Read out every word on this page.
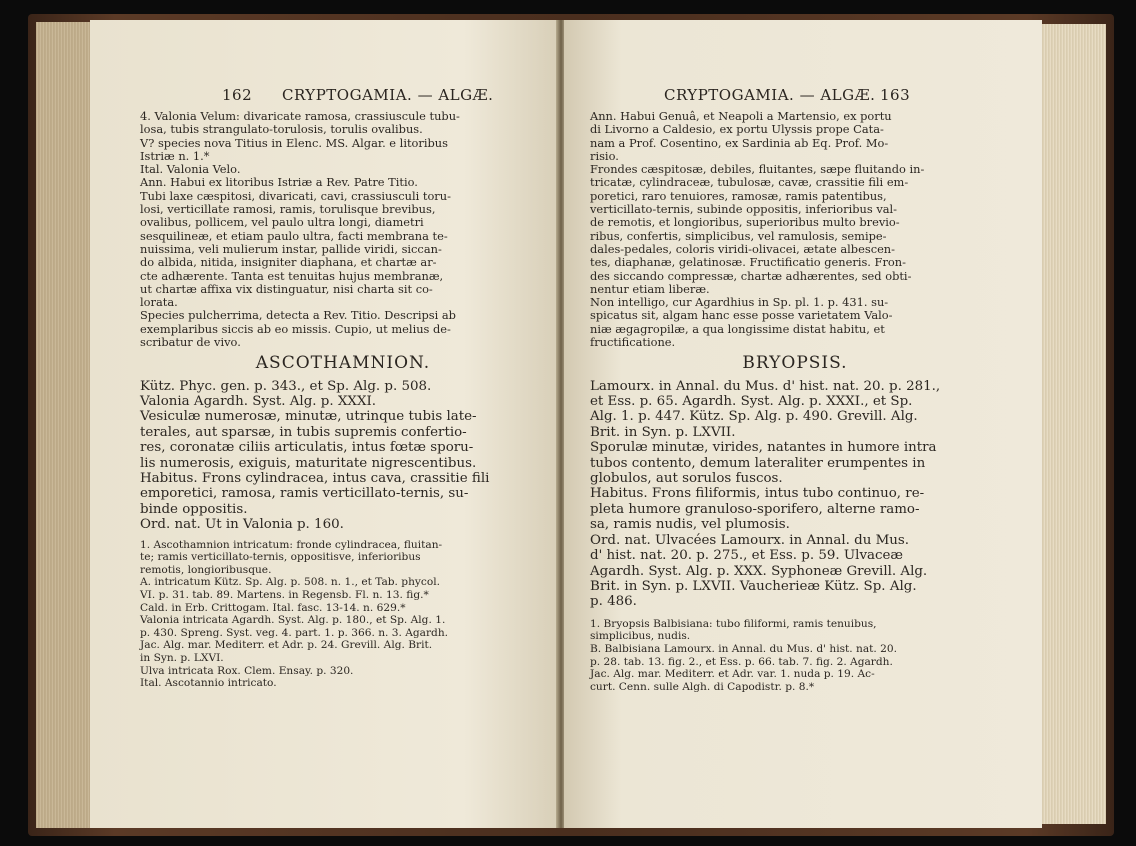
162 CRYPTOGAMIA. — ALGÆ.

4. Valonia Velum: divaricate ramosa, crassiuscule tubu-

losa, tubis strangulato-torulosis, torulis ovalibus.

V? species nova Titius in Elenc. MS. Algar. e litoribus

Istriæ n. 1.*

Ital. Valonia Velo.

Ann. Habui ex litoribus Istriæ a Rev. Patre Titio.

Tubi laxe cæspitosi, divaricati, cavi, crassiusculi toru-

losi, verticillate ramosi, ramis, torulisque brevibus,

ovalibus, pollicem, vel paulo ultra longi, diametri

sesquilineæ, et etiam paulo ultra, facti membrana te-

nuissima, veli mulierum instar, pallide viridi, siccan-

do albida, nitida, insigniter diaphana, et chartæ ar-

cte adhærente. Tanta est tenuitas hujus membranæ,

ut chartæ affixa vix distinguatur, nisi charta sit co-

lorata.

Species pulcherrima, detecta a Rev. Titio. Descripsi ab

exemplaribus siccis ab eo missis. Cupio, ut melius de-

scribatur de vivo.

ASCOTHAMNION.

Kütz. Phyc. gen. p. 343., et Sp. Alg. p. 508.

Valonia Agardh. Syst. Alg. p. XXXI.

Vesiculæ numerosæ, minutæ, utrinque tubis late-

terales, aut sparsæ, in tubis supremis confertio-

res, coronatæ ciliis articulatis, intus fœtæ sporu-

lis numerosis, exiguis, maturitate nigrescentibus.

Habitus. Frons cylindracea, intus cava, crassitie fili

emporetici, ramosa, ramis verticillato-ternis, su-

binde oppositis.

Ord. nat. Ut in Valonia p. 160.

1. Ascothamnion intricatum: fronde cylindracea, fluitan-

te; ramis verticillato-ternis, oppositisve, inferioribus

remotis, longioribusque.

A. intricatum Kütz. Sp. Alg. p. 508. n. 1., et Tab. phycol.

VI. p. 31. tab. 89. Martens. in Regensb. Fl. n. 13. fig.*

Cald. in Erb. Crittogam. Ital. fasc. 13-14. n. 629.*

Valonia intricata Agardh. Syst. Alg. p. 180., et Sp. Alg. 1.

p. 430. Spreng. Syst. veg. 4. part. 1. p. 366. n. 3. Agardh.

Jac. Alg. mar. Mediterr. et Adr. p. 24. Grevill. Alg. Brit.

in Syn. p. LXVI.

Ulva intricata Rox. Clem. Ensay. p. 320.

Ital. Ascotannio intricato.

CRYPTOGAMIA. — ALGÆ. 163

Ann. Habui Genuâ, et Neapoli a Martensio, ex portu

di Livorno a Caldesio, ex portu Ulyssis prope Cata-

nam a Prof. Cosentino, ex Sardinia ab Eq. Prof. Mo-

risio.

Frondes cæspitosæ, debiles, fluitantes, sæpe fluitando in-

tricatæ, cylindraceæ, tubulosæ, cavæ, crassitie fili em-

poretici, raro tenuiores, ramosæ, ramis patentibus,

verticillato-ternis, subinde oppositis, inferioribus val-

de remotis, et longioribus, superioribus multo brevio-

ribus, confertis, simplicibus, vel ramulosis, semipe-

dales-pedales, coloris viridi-olivacei, ætate albescen-

tes, diaphanæ, gelatinosæ. Fructificatio generis. Fron-

des siccando compressæ, chartæ adhærentes, sed obti-

nentur etiam liberæ.

Non intelligo, cur Agardhius in Sp. pl. 1. p. 431. su-

spicatus sit, algam hanc esse posse varietatem Valo-

niæ ægagropilæ, a qua longissime distat habitu, et

fructificatione.

BRYOPSIS.

Lamourx. in Annal. du Mus. d' hist. nat. 20. p. 281.,

et Ess. p. 65. Agardh. Syst. Alg. p. XXXI., et Sp.

Alg. 1. p. 447. Kütz. Sp. Alg. p. 490. Grevill. Alg.

Brit. in Syn. p. LXVII.

Sporulæ minutæ, virides, natantes in humore intra

tubos contento, demum lateraliter erumpentes in

globulos, aut sorulos fuscos.

Habitus. Frons filiformis, intus tubo continuo, re-

pleta humore granuloso-sporifero, alterne ramo-

sa, ramis nudis, vel plumosis.

Ord. nat. Ulvacées Lamourx. in Annal. du Mus.

d' hist. nat. 20. p. 275., et Ess. p. 59. Ulvaceæ

Agardh. Syst. Alg. p. XXX. Syphoneæ Grevill. Alg.

Brit. in Syn. p. LXVII. Vaucherieæ Kütz. Sp. Alg.

p. 486.

1. Bryopsis Balbisiana: tubo filiformi, ramis tenuibus,

simplicibus, nudis.

B. Balbisiana Lamourx. in Annal. du Mus. d' hist. nat. 20.

p. 28. tab. 13. fig. 2., et Ess. p. 66. tab. 7. fig. 2. Agardh.

Jac. Alg. mar. Mediterr. et Adr. var. 1. nuda p. 19. Ac-

curt. Cenn. sulle Algh. di Capodistr. p. 8.*
